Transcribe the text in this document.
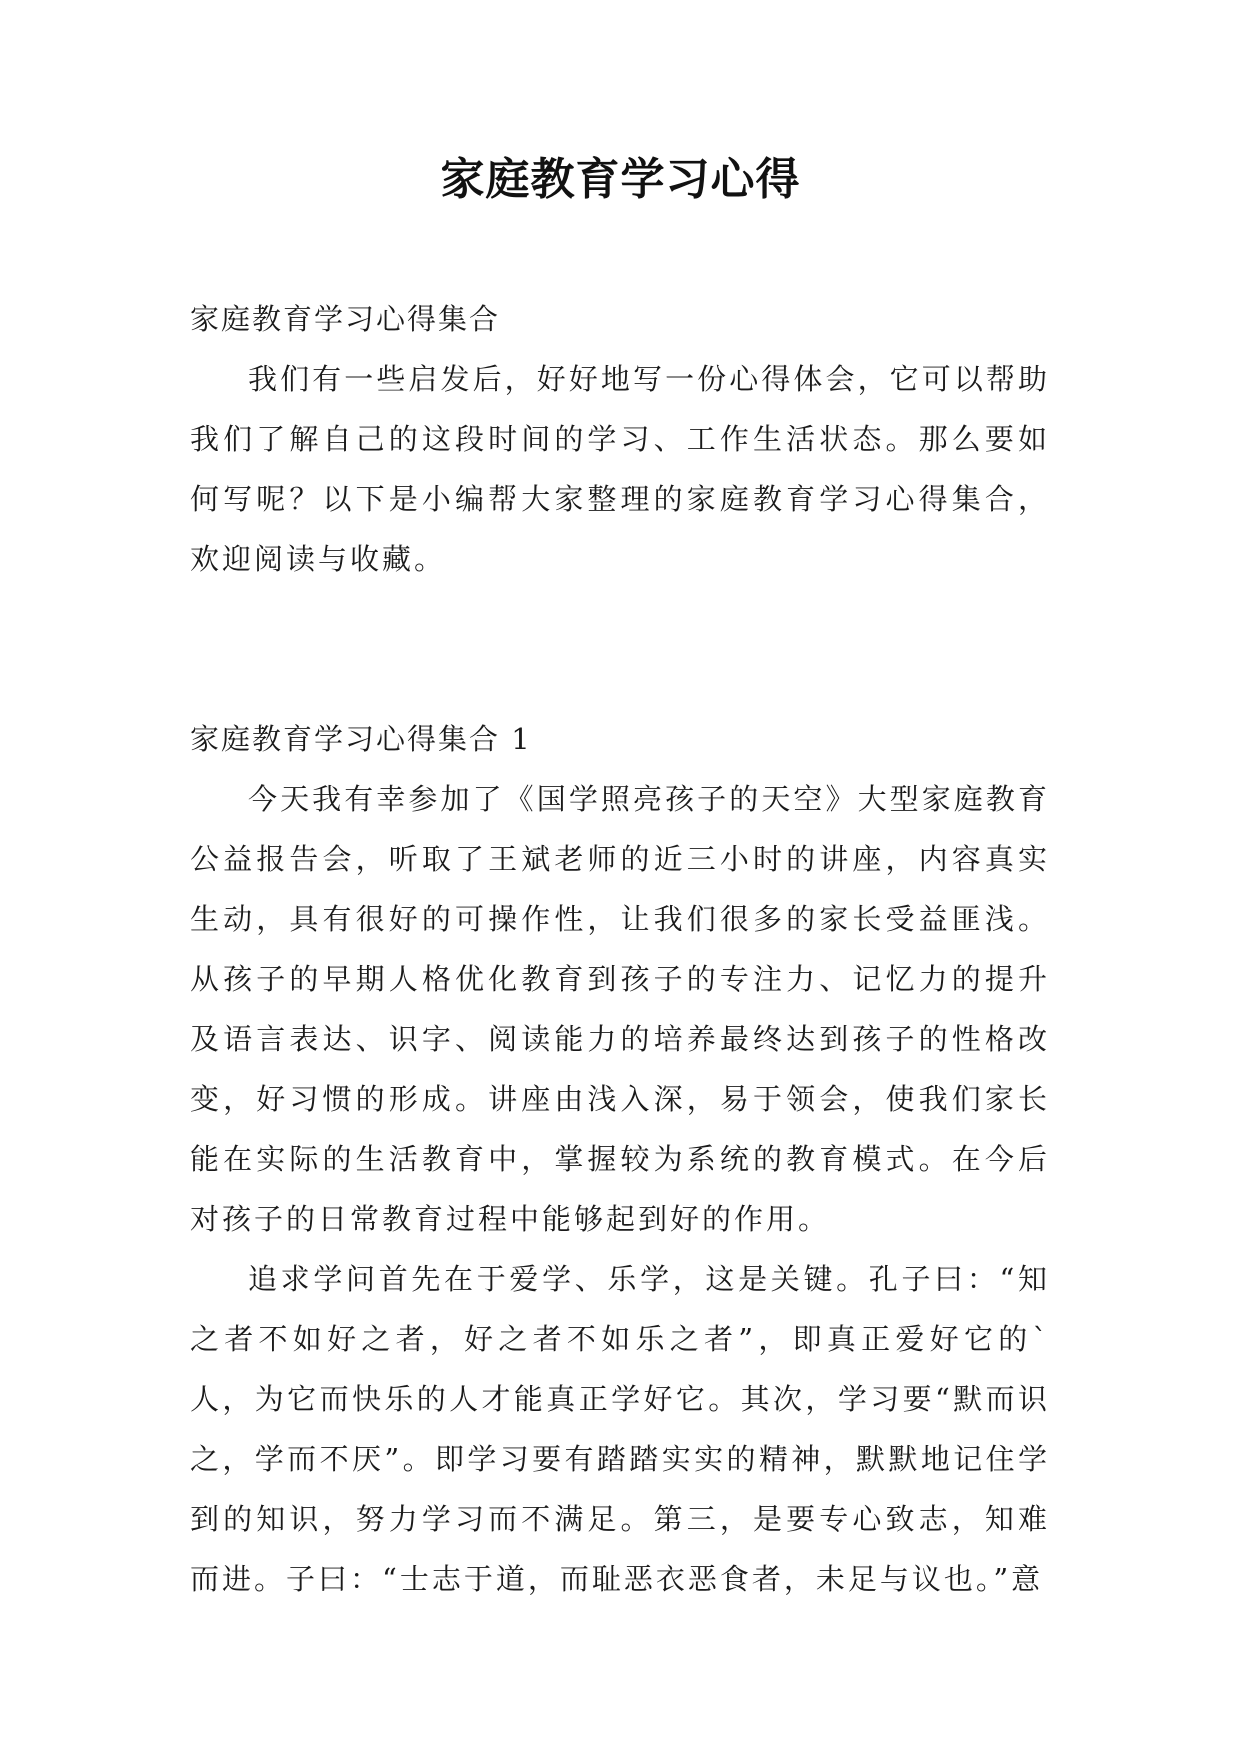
家庭教育学习心得

家庭教育学习心得集合

我们有一些启发后，好好地写一份心得体会，它可以帮助我们了解自己的这段时间的学习、工作生活状态。那么要如何写呢？以下是小编帮大家整理的家庭教育学习心得集合，欢迎阅读与收藏。

家庭教育学习心得集合 1

今天我有幸参加了《国学照亮孩子的天空》大型家庭教育公益报告会，听取了王斌老师的近三小时的讲座，内容真实生动，具有很好的可操作性，让我们很多的家长受益匪浅。从孩子的早期人格优化教育到孩子的专注力、记忆力的提升及语言表达、识字、阅读能力的培养最终达到孩子的性格改变，好习惯的形成。讲座由浅入深，易于领会，使我们家长能在实际的生活教育中，掌握较为系统的教育模式。在今后对孩子的日常教育过程中能够起到好的作用。

追求学问首先在于爱学、乐学，这是关键。孔子曰：“知之者不如好之者，好之者不如乐之者”，即真正爱好它的`人，为它而快乐的人才能真正学好它。其次，学习要“默而识之，学而不厌”。即学习要有踏踏实实的精神，默默地记住学到的知识，努力学习而不满足。第三，是要专心致志，知难而进。子曰：“士志于道，而耻恶衣恶食者，未足与议也。”意
